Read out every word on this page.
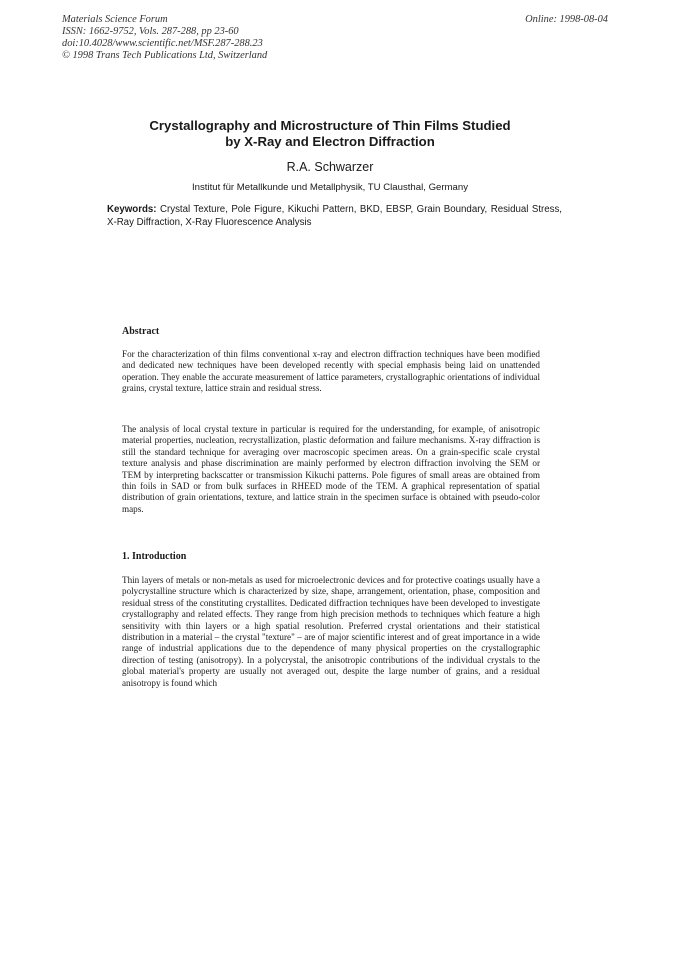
Materials Science Forum
ISSN: 1662-9752, Vols. 287-288, pp 23-60
doi:10.4028/www.scientific.net/MSF.287-288.23
© 1998 Trans Tech Publications Ltd, Switzerland
Online: 1998-08-04
Crystallography and Microstructure of Thin Films Studied
by X-Ray and Electron Diffraction
R.A. Schwarzer
Institut für Metallkunde und Metallphysik, TU Clausthal, Germany
Keywords: Crystal Texture, Pole Figure, Kikuchi Pattern, BKD, EBSP, Grain Boundary, Residual Stress, X-Ray Diffraction, X-Ray Fluorescence Analysis
Abstract

For the characterization of thin films conventional x-ray and electron diffraction techniques have been modified and dedicated new techniques have been developed recently with special emphasis being laid on unattended operation. They enable the accurate measurement of lattice parameters, crystallographic orientations of individual grains, crystal texture, lattice strain and residual stress.

The analysis of local crystal texture in particular is required for the understanding, for example, of anisotropic material properties, nucleation, recrystallization, plastic deformation and failure mechanisms. X-ray diffraction is still the standard technique for averaging over macroscopic specimen areas. On a grain-specific scale crystal texture analysis and phase discrimination are mainly performed by electron diffraction involving the SEM or TEM by interpreting backscatter or transmission Kikuchi patterns. Pole figures of small areas are obtained from thin foils in SAD or from bulk surfaces in RHEED mode of the TEM. A graphical representation of spatial distribution of grain orientations, texture, and lattice strain in the specimen surface is obtained with pseudo-color maps.

1. Introduction

Thin layers of metals or non-metals as used for microelectronic devices and for protective coatings usually have a polycrystalline structure which is characterized by size, shape, arrangement, orientation, phase, composition and residual stress of the constituting crystallites. Dedicated diffraction techniques have been developed to investigate crystallography and related effects. They range from high precision methods to techniques which feature a high sensitivity with thin layers or a high spatial resolution. Preferred crystal orientations and their statistical distribution in a material – the crystal "texture" – are of major scientific interest and of great importance in a wide range of industrial applications due to the dependence of many physical properties on the crystallographic direction of testing (anisotropy). In a polycrystal, the anisotropic contributions of the individual crystals to the global material's property are usually not averaged out, despite the large number of grains, and a residual anisotropy is found which
